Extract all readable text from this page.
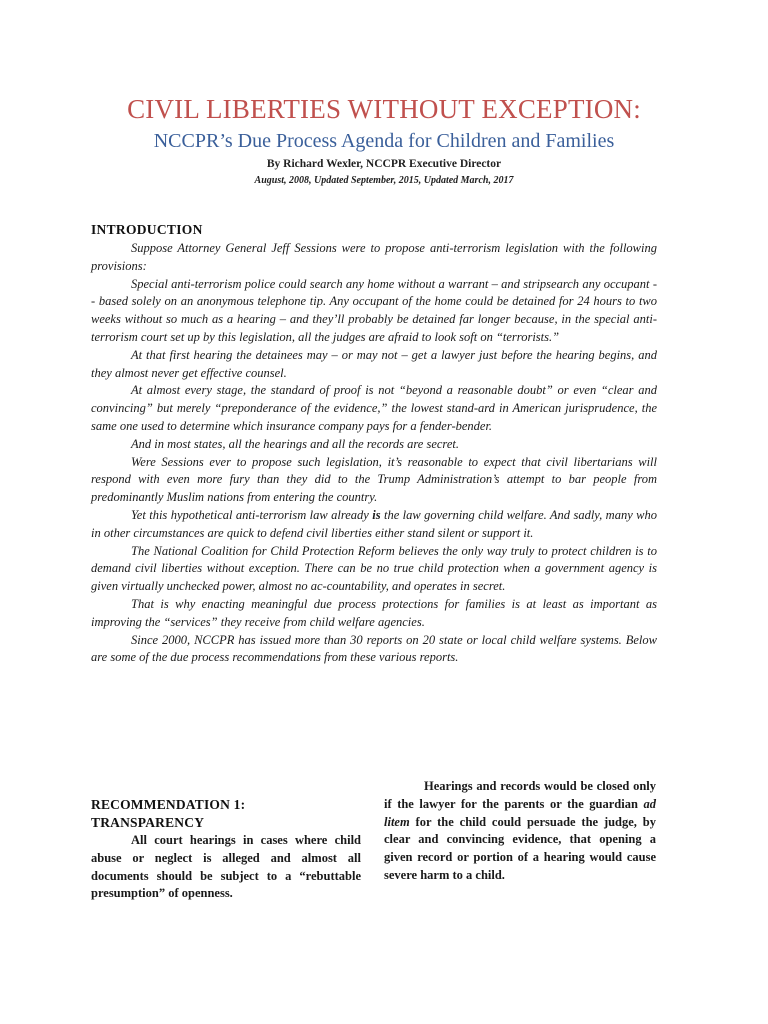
CIVIL LIBERTIES WITHOUT EXCEPTION:
NCCPR’s Due Process Agenda for Children and Families
By Richard Wexler, NCCPR Executive Director
August, 2008, Updated September, 2015, Updated March, 2017
INTRODUCTION

Suppose Attorney General Jeff Sessions were to propose anti-terrorism legislation with the following provisions:

Special anti-terrorism police could search any home without a warrant – and stripsearch any occupant -- based solely on an anonymous telephone tip. Any occupant of the home could be detained for 24 hours to two weeks without so much as a hearing – and they’ll probably be detained far longer because, in the special anti-terrorism court set up by this legislation, all the judges are afraid to look soft on “terrorists.”

At that first hearing the detainees may – or may not – get a lawyer just before the hearing begins, and they almost never get effective counsel.

At almost every stage, the standard of proof is not “beyond a reasonable doubt” or even “clear and convincing” but merely “preponderance of the evidence,” the lowest stand-ard in American jurisprudence, the same one used to determine which insurance company pays for a fender-bender.

And in most states, all the hearings and all the records are secret.

Were Sessions ever to propose such legislation, it’s reasonable to expect that civil libertarians will respond with even more fury than they did to the Trump Administration’s attempt to bar people from predominantly Muslim nations from entering the country.

Yet this hypothetical anti-terrorism law already is the law governing child welfare. And sadly, many who in other circumstances are quick to defend civil liberties either stand silent or support it.

The National Coalition for Child Protection Reform believes the only way truly to protect children is to demand civil liberties without exception. There can be no true child protection when a government agency is given virtually unchecked power, almost no ac-countability, and operates in secret.

That is why enacting meaningful due process protections for families is at least as important as improving the “services” they receive from child welfare agencies.

Since 2000, NCCPR has issued more than 30 reports on 20 state or local child welfare systems. Below are some of the due process recommendations from these various reports.

RECOMMENDATION 1:
TRANSPARENCY

All court hearings in cases where child abuse or neglect is alleged and almost all documents should be subject to a “rebuttable presumption” of openness.

Hearings and records would be closed only if the lawyer for the parents or the guardian ad litem for the child could persuade the judge, by clear and convincing evidence, that opening a given record or portion of a hearing would cause severe harm to a child.
